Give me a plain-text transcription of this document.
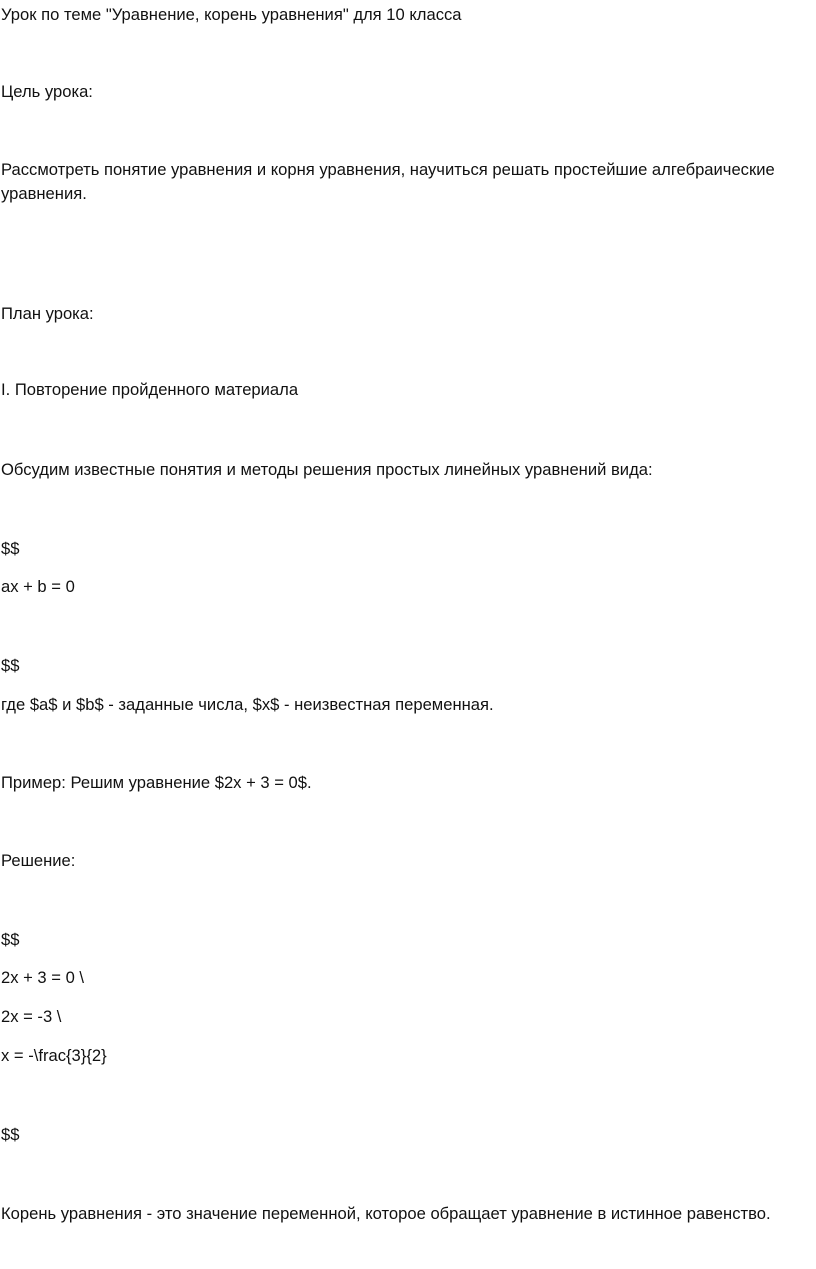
Урок по теме "Уравнение, корень уравнения" для 10 класса

Цель урока:

Рассмотреть понятие уравнения и корня уравнения, научиться решать простейшие алгебраические уравнения.

План урока:

I. Повторение пройденного материала

Обсудим известные понятия и методы решения простых линейных уравнений вида:

$$

ax + b = 0

$$

где $a$ и $b$ - заданные числа, $x$ - неизвестная переменная.

Пример: Решим уравнение $2x + 3 = 0$.

Решение:

$$

2x + 3 = 0 \

2x = -3 \

x = -\frac{3}{2}

$$

Корень уравнения - это значение переменной, которое обращает уравнение в истинное равенство.
